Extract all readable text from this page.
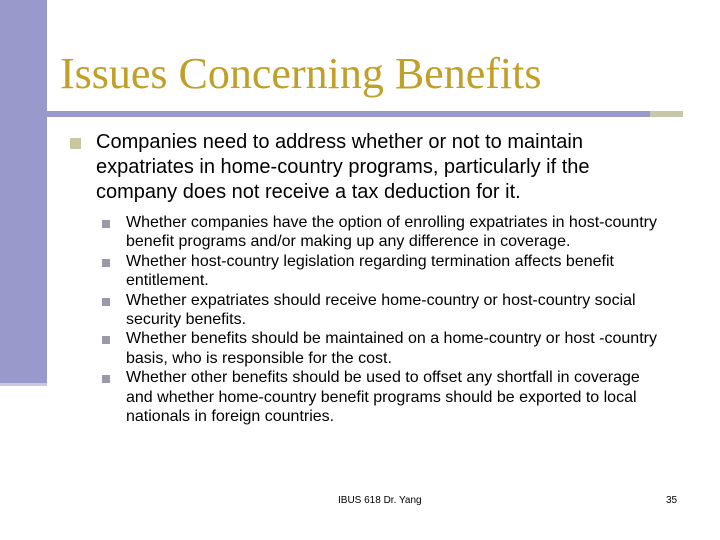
Issues Concerning Benefits
Companies need to address whether or not to maintain expatriates in home-country programs, particularly if the company does not receive a tax deduction for it.
Whether companies have the option of enrolling expatriates in host-country benefit programs and/or making up any difference in coverage.
Whether host-country legislation regarding termination affects benefit entitlement.
Whether expatriates should receive home-country or host-country social security benefits.
Whether benefits should be maintained on a home-country or host -country basis, who is responsible for the cost.
Whether other benefits should be used to offset any shortfall in coverage and whether home-country benefit programs should be exported to local nationals in foreign countries.
IBUS 618 Dr. Yang	35
